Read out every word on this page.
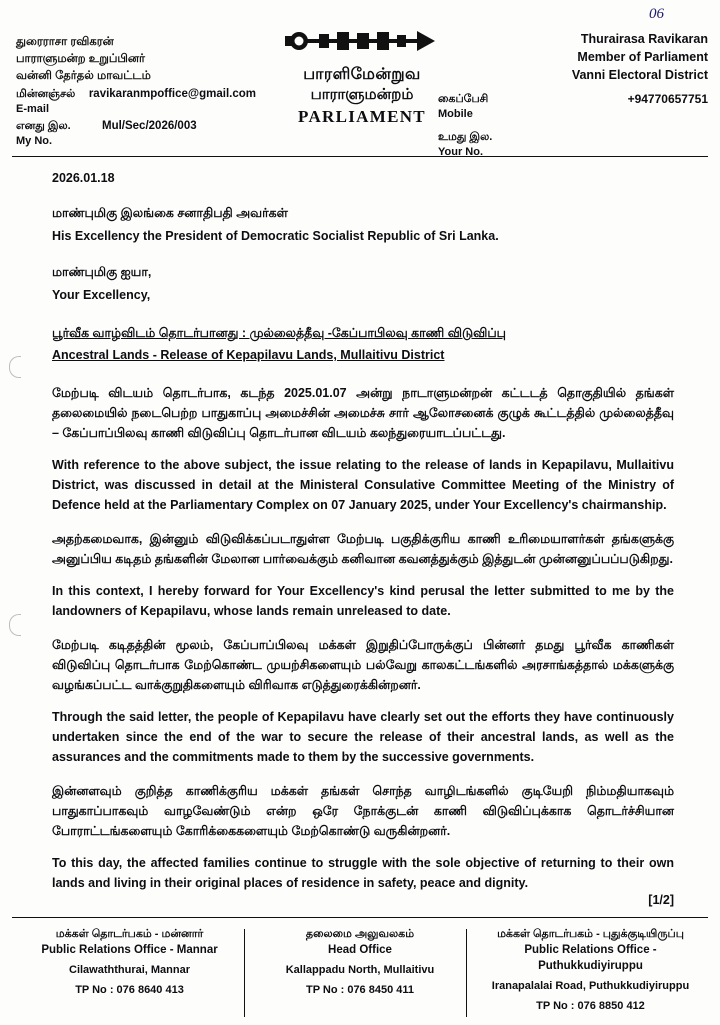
06
துரைராசா ரவிகரன்
பாராளுமன்ற உறுப்பினர்
வன்னி தேர்தல் மாவட்டம்
மின்னஞ்சல்
E-mail
ravikaranmpoffice@gmail.com
எனது இல.
My No.
Mul/Sec/2026/003
பாரளிமேன்றுவ
பாராளுமன்றம்
PARLIAMENT
Thurairasa Ravikaran
Member of Parliament
Vanni Electoral District
கைப்பேசி
Mobile
+94770657751
உமது இல.
Your No.
2026.01.18

மாண்புமிகு இலங்கை சனாதிபதி அவர்கள்

His Excellency the President of Democratic Socialist Republic of Sri Lanka.

மாண்புமிகு ஐயா,

Your Excellency,

பூர்வீக வாழ்விடம் தொடர்பானது : முல்லைத்தீவு -கேப்பாபிலவு காணி விடுவிப்பு

Ancestral Lands - Release of Kepapilavu Lands, Mullaitivu District

மேற்படி விடயம் தொடர்பாக, கடந்த 2025.01.07 அன்று நாடாளுமன்றன் கட்டடத் தொகுதியில் தங்கள் தலைமையில் நடைபெற்ற பாதுகாப்பு அமைச்சின் அமைச்சு சார் ஆலோசனைக் குழுக் கூட்டத்தில் முல்லைத்தீவு – கேப்பாப்பிலவு காணி விடுவிப்பு தொடர்பான விடயம் கலந்துரையாடப்பட்டது.

With reference to the above subject, the issue relating to the release of lands in Kepapilavu, Mullaitivu District, was discussed in detail at the Ministeral Consulative Committee Meeting of the Ministry of Defence held at the Parliamentary Complex on 07 January 2025, under Your Excellency's chairmanship.

அதற்கமைவாக, இன்னும் விடுவிக்கப்படாதுள்ள மேற்படி பகுதிக்குரிய காணி உரிமையாளர்கள் தங்களுக்கு அனுப்பிய கடிதம் தங்களின் மேலான பார்வைக்கும் கனிவான கவனத்துக்கும் இத்துடன் முன்னனுப்பப்படுகிறது.

In this context, I hereby forward for Your Excellency's kind perusal the letter submitted to me by the landowners of Kepapilavu, whose lands remain unreleased to date.

மேற்படி கடிதத்தின் மூலம், கேப்பாப்பிலவு மக்கள் இறுதிப்போருக்குப் பின்னர் தமது பூர்வீக காணிகள் விடுவிப்பு தொடர்பாக மேற்கொண்ட முயற்சிகளையும் பல்வேறு காலகட்டங்களில் அரசாங்கத்தால் மக்களுக்கு வழங்கப்பட்ட வாக்குறுதிகளையும் விரிவாக எடுத்துரைக்கின்றனர்.

Through the said letter, the people of Kepapilavu have clearly set out the efforts they have continuously undertaken since the end of the war to secure the release of their ancestral lands, as well as the assurances and the commitments made to them by the successive governments.

இன்னளவும் குறித்த காணிக்குரிய மக்கள் தங்கள் சொந்த வாழிடங்களில் குடியேறி நிம்மதியாகவும் பாதுகாப்பாகவும் வாழவேண்டும் என்ற ஒரே நோக்குடன் காணி விடுவிப்புக்காக தொடர்ச்சியான போராட்டங்களையும் கோரிக்கைகளையும் மேற்கொண்டு வருகின்றனர்.

To this day, the affected families continue to struggle with the sole objective of returning to their own lands and living in their original places of residence in safety, peace and dignity.

[1/2]
மக்கள் தொடர்பகம் - மன்னார்
Public Relations Office - Mannar
Cilawaththurai, Mannar
TP No : 076 8640 413
தலைமை அலுவலகம்
Head Office
Kallappadu North, Mullaitivu
TP No : 076 8450 411
மக்கள் தொடர்பகம் - புதுக்குடியிருப்பு
Public Relations Office - Puthukkudiyiruppu
Iranapalalai Road, Puthukkudiyiruppu
TP No : 076 8850 412
